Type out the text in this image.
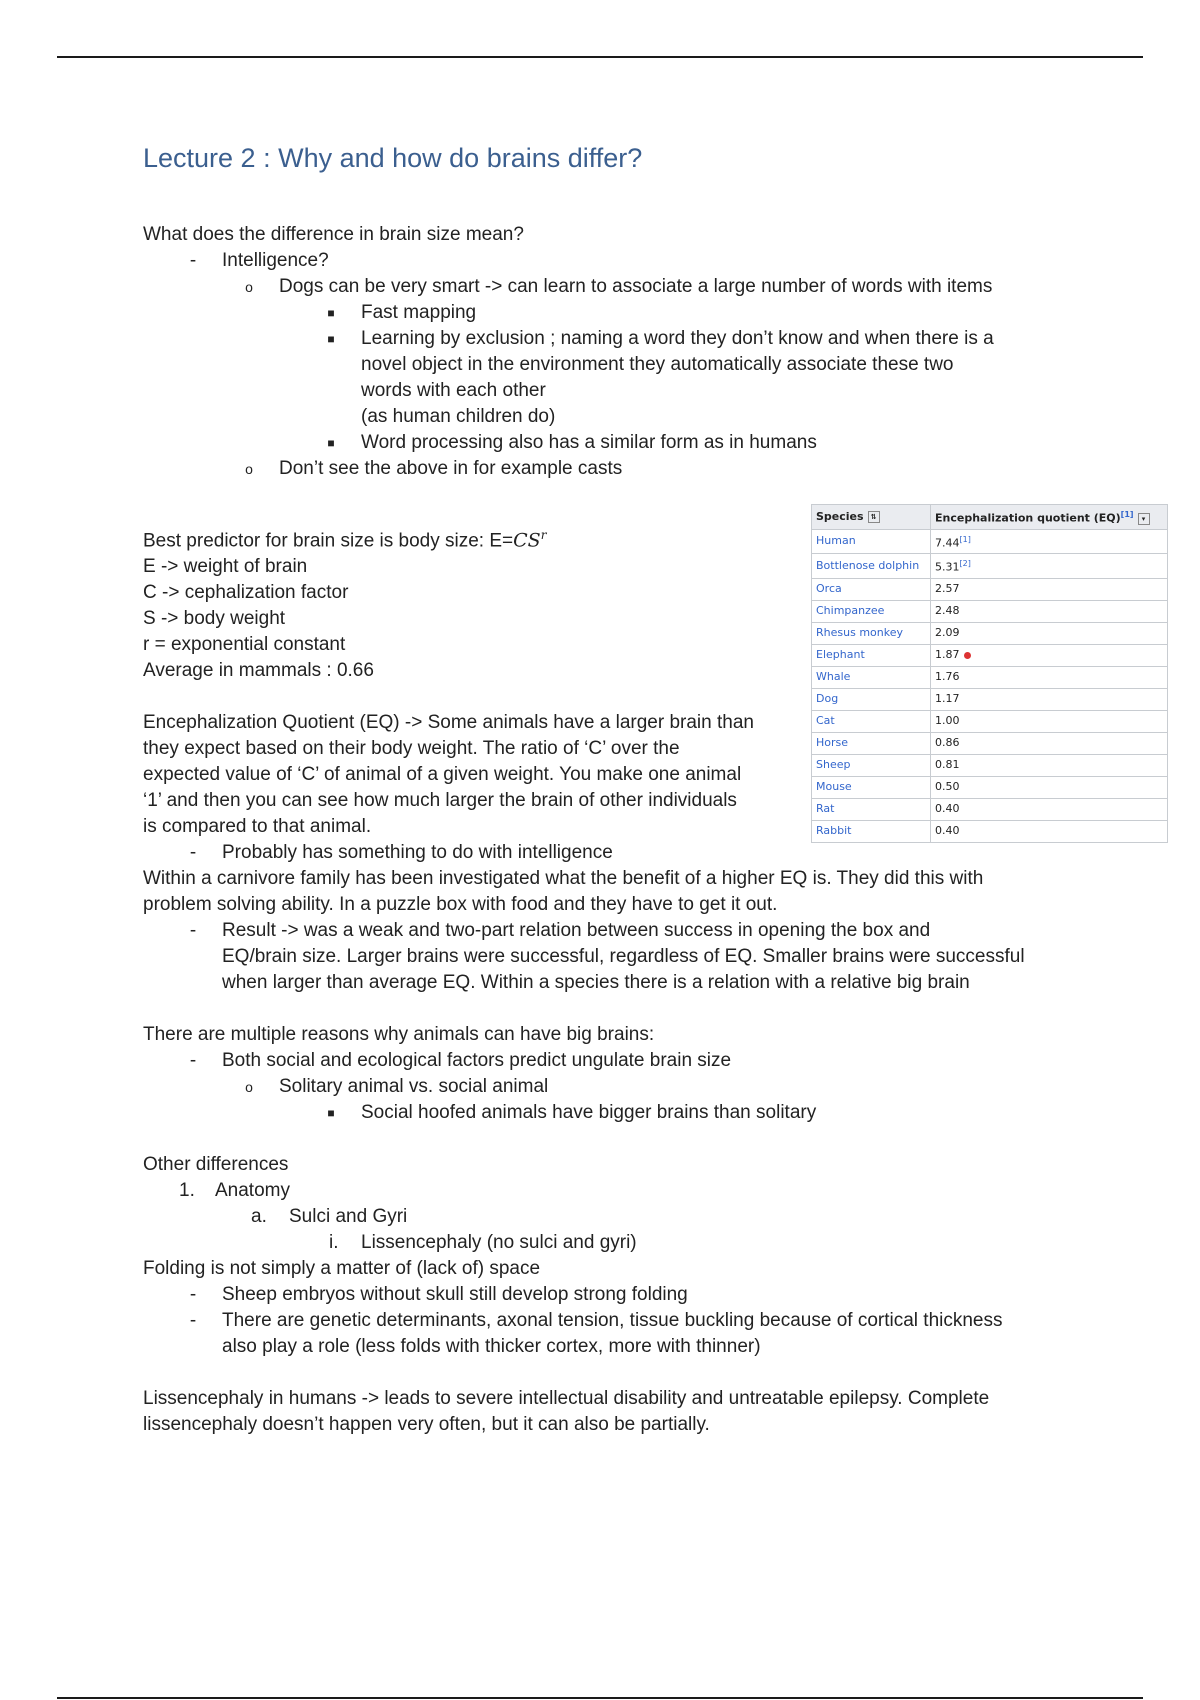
Lecture 2 : Why and how do brains differ?

What does the difference in brain size mean?

-	Intelligence?

o	Dogs can be very smart -> can learn to associate a large number of words with items

■	Fast mapping

■	Learning by exclusion ; naming a word they don’t know and when there is a

novel object in the environment they automatically associate these two

words with each other

(as human children do)

■	Word processing also has a similar form as in humans

o	Don’t see the above in for example casts

Best predictor for brain size is body size: $E=CS^r$

E -> weight of brain

C -> cephalization factor

S -> body weight

r = exponential constant

Average in mammals : 0.66

Encephalization Quotient (EQ) -> Some animals have a larger brain than

they expect based on their body weight. The ratio of ‘C’ over the

expected value of ‘C’ of animal of a given weight. You make one animal

‘1’ and then you can see how much larger the brain of other individuals

is compared to that animal.

-	Probably has something to do with intelligence

Within a carnivore family has been investigated what the benefit of a higher EQ is. They did this with

problem solving ability. In a puzzle box with food and they have to get it out.

-	Result -> was a weak and two-part relation between success in opening the box and

EQ/brain size. Larger brains were successful, regardless of EQ. Smaller brains were successful

when larger than average EQ. Within a species there is a relation with a relative big brain

There are multiple reasons why animals can have big brains:

-	Both social and ecological factors predict ungulate brain size

o	Solitary animal vs. social animal

■	Social hoofed animals have bigger brains than solitary

Other differences

1. Anatomy

a. Sulci and Gyri

i.	Lissencephaly (no sulci and gyri)

Folding is not simply a matter of (lack of) space

-	Sheep embryos without skull still develop strong folding

-	There are genetic determinants, axonal tension, tissue buckling because of cortical thickness

also play a role (less folds with thicker cortex, more with thinner)

Lissencephaly in humans -> leads to severe intellectual disability and untreatable epilepsy. Complete

lissencephaly doesn’t happen very often, but it can also be partially.

Species ⇅	Encephalization quotient (EQ)[1] ▾
Human	7.44[1]
Bottlenose dolphin	5.31[2]
Orca	2.57
Chimpanzee	2.48
Rhesus monkey	2.09
Elephant	1.87
Whale	1.76
Dog	1.17
Cat	1.00
Horse	0.86
Sheep	0.81
Mouse	0.50
Rat	0.40
Rabbit	0.40
